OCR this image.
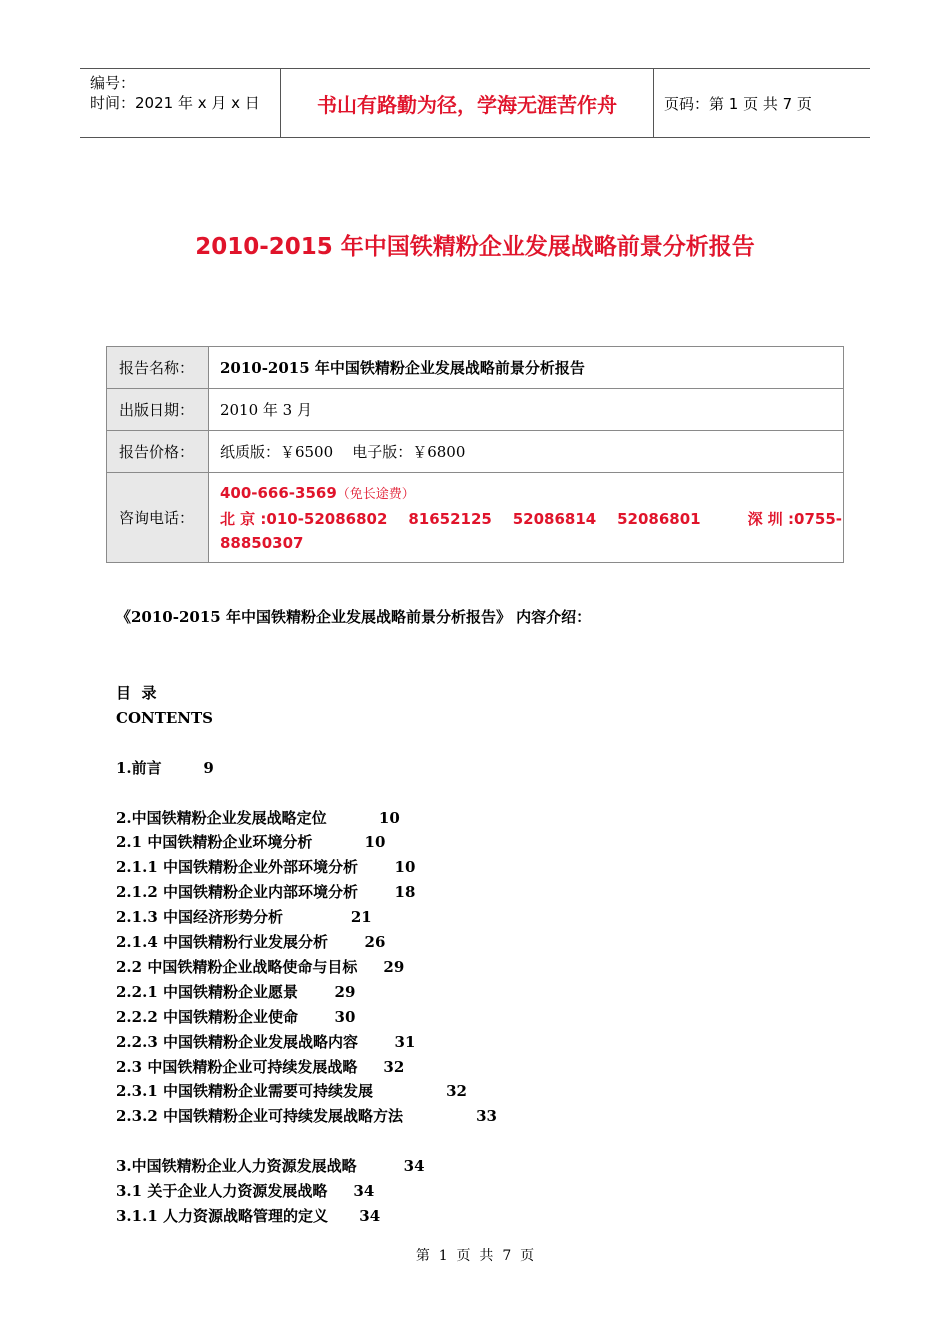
编号：
时间：2021 年 x 月 x 日	书山有路勤为径，学海无涯苦作舟	页码：第 1 页 共 7 页
2010-2015 年中国铁精粉企业发展战略前景分析报告
报告名称：	2010-2015 年中国铁精粉企业发展战略前景分析报告
出版日期：	2010 年 3 月
报告价格：	纸质版：￥6500    电子版：￥6800
咨询电话：	400-666-3569（免长途费）
北 京 :010-52086802    81652125    52086814    52086801         深 圳 :0755-
88850307
《2010-2015 年中国铁精粉企业发展战略前景分析报告》 内容介绍：
目  录
CONTENTS
1.前言        9
2.中国铁精粉企业发展战略定位          10
2.1 中国铁精粉企业环境分析          10
2.1.1 中国铁精粉企业外部环境分析       10
2.1.2 中国铁精粉企业内部环境分析       18
2.1.3 中国经济形势分析             21
2.1.4 中国铁精粉行业发展分析       26
2.2 中国铁精粉企业战略使命与目标     29
2.2.1 中国铁精粉企业愿景       29
2.2.2 中国铁精粉企业使命       30
2.2.3 中国铁精粉企业发展战略内容       31
2.3 中国铁精粉企业可持续发展战略     32
2.3.1 中国铁精粉企业需要可持续发展              32
2.3.2 中国铁精粉企业可持续发展战略方法              33
3.中国铁精粉企业人力资源发展战略         34
3.1 关于企业人力资源发展战略     34
3.1.1 人力资源战略管理的定义      34
第  1  页  共  7  页
